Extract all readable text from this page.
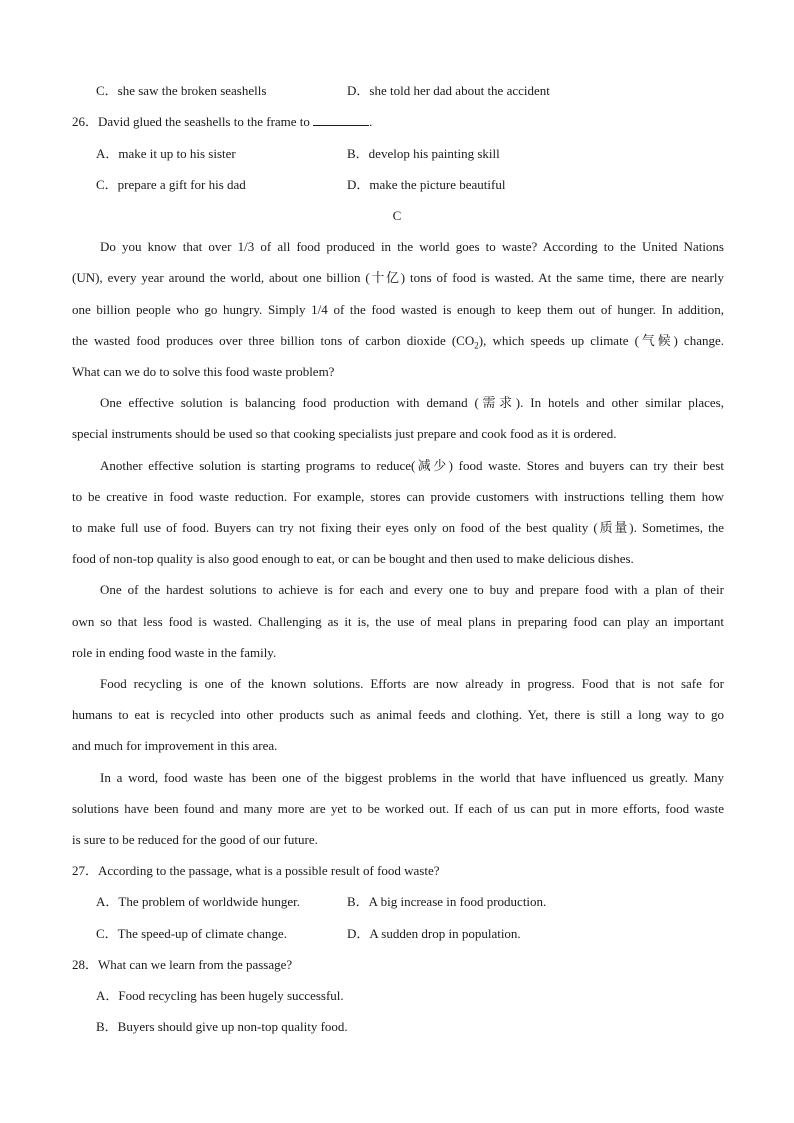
C．she saw the broken seashells	D．she told her dad about the accident
26．David glued the seashells to the frame to	.
A．make it up to his sister	B．develop his painting skill
C．prepare a gift for his dad	D．make the picture beautiful
C
Do you know that over 1/3 of all food produced in the world goes to waste? According to the United Nations
(UN), every year around the world, about one billion (十亿) tons of food is wasted. At the same time, there are nearly
one billion people who go hungry. Simply 1/4 of the food wasted is enough to keep them out of hunger. In addition,
the wasted food produces over three billion tons of carbon dioxide $(CO_2)$, which speeds up climate (气候) change.
What can we do to solve this food waste problem?
One effective solution is balancing food production with demand (需求). In hotels and other similar places,
special instruments should be used so that cooking specialists just prepare and cook food as it is ordered.
Another effective solution is starting programs to reduce(减少) food waste. Stores and buyers can try their best
to be creative in food waste reduction. For example, stores can provide customers with instructions telling them how
to make full use of food. Buyers can try not fixing their eyes only on food of the best quality (质量). Sometimes, the
food of non-top quality is also good enough to eat, or can be bought and then used to make delicious dishes.
One of the hardest solutions to achieve is for each and every one to buy and prepare food with a plan of their
own so that less food is wasted. Challenging as it is, the use of meal plans in preparing food can play an important
role in ending food waste in the family.
Food recycling is one of the known solutions. Efforts are now already in progress. Food that is not safe for
humans to eat is recycled into other products such as animal feeds and clothing. Yet, there is still a long way to go
and much for improvement in this area.
In a word, food waste has been one of the biggest problems in the world that have influenced us greatly. Many
solutions have been found and many more are yet to be worked out. If each of us can put in more efforts, food waste
is sure to be reduced for the good of our future.
27．According to the passage, what is a possible result of food waste?
A．The problem of worldwide hunger.	B．A big increase in food production.
C．The speed-up of climate change.	D．A sudden drop in population.
28．What can we learn from the passage?
A．Food recycling has been hugely successful.
B．Buyers should give up non-top quality food.
